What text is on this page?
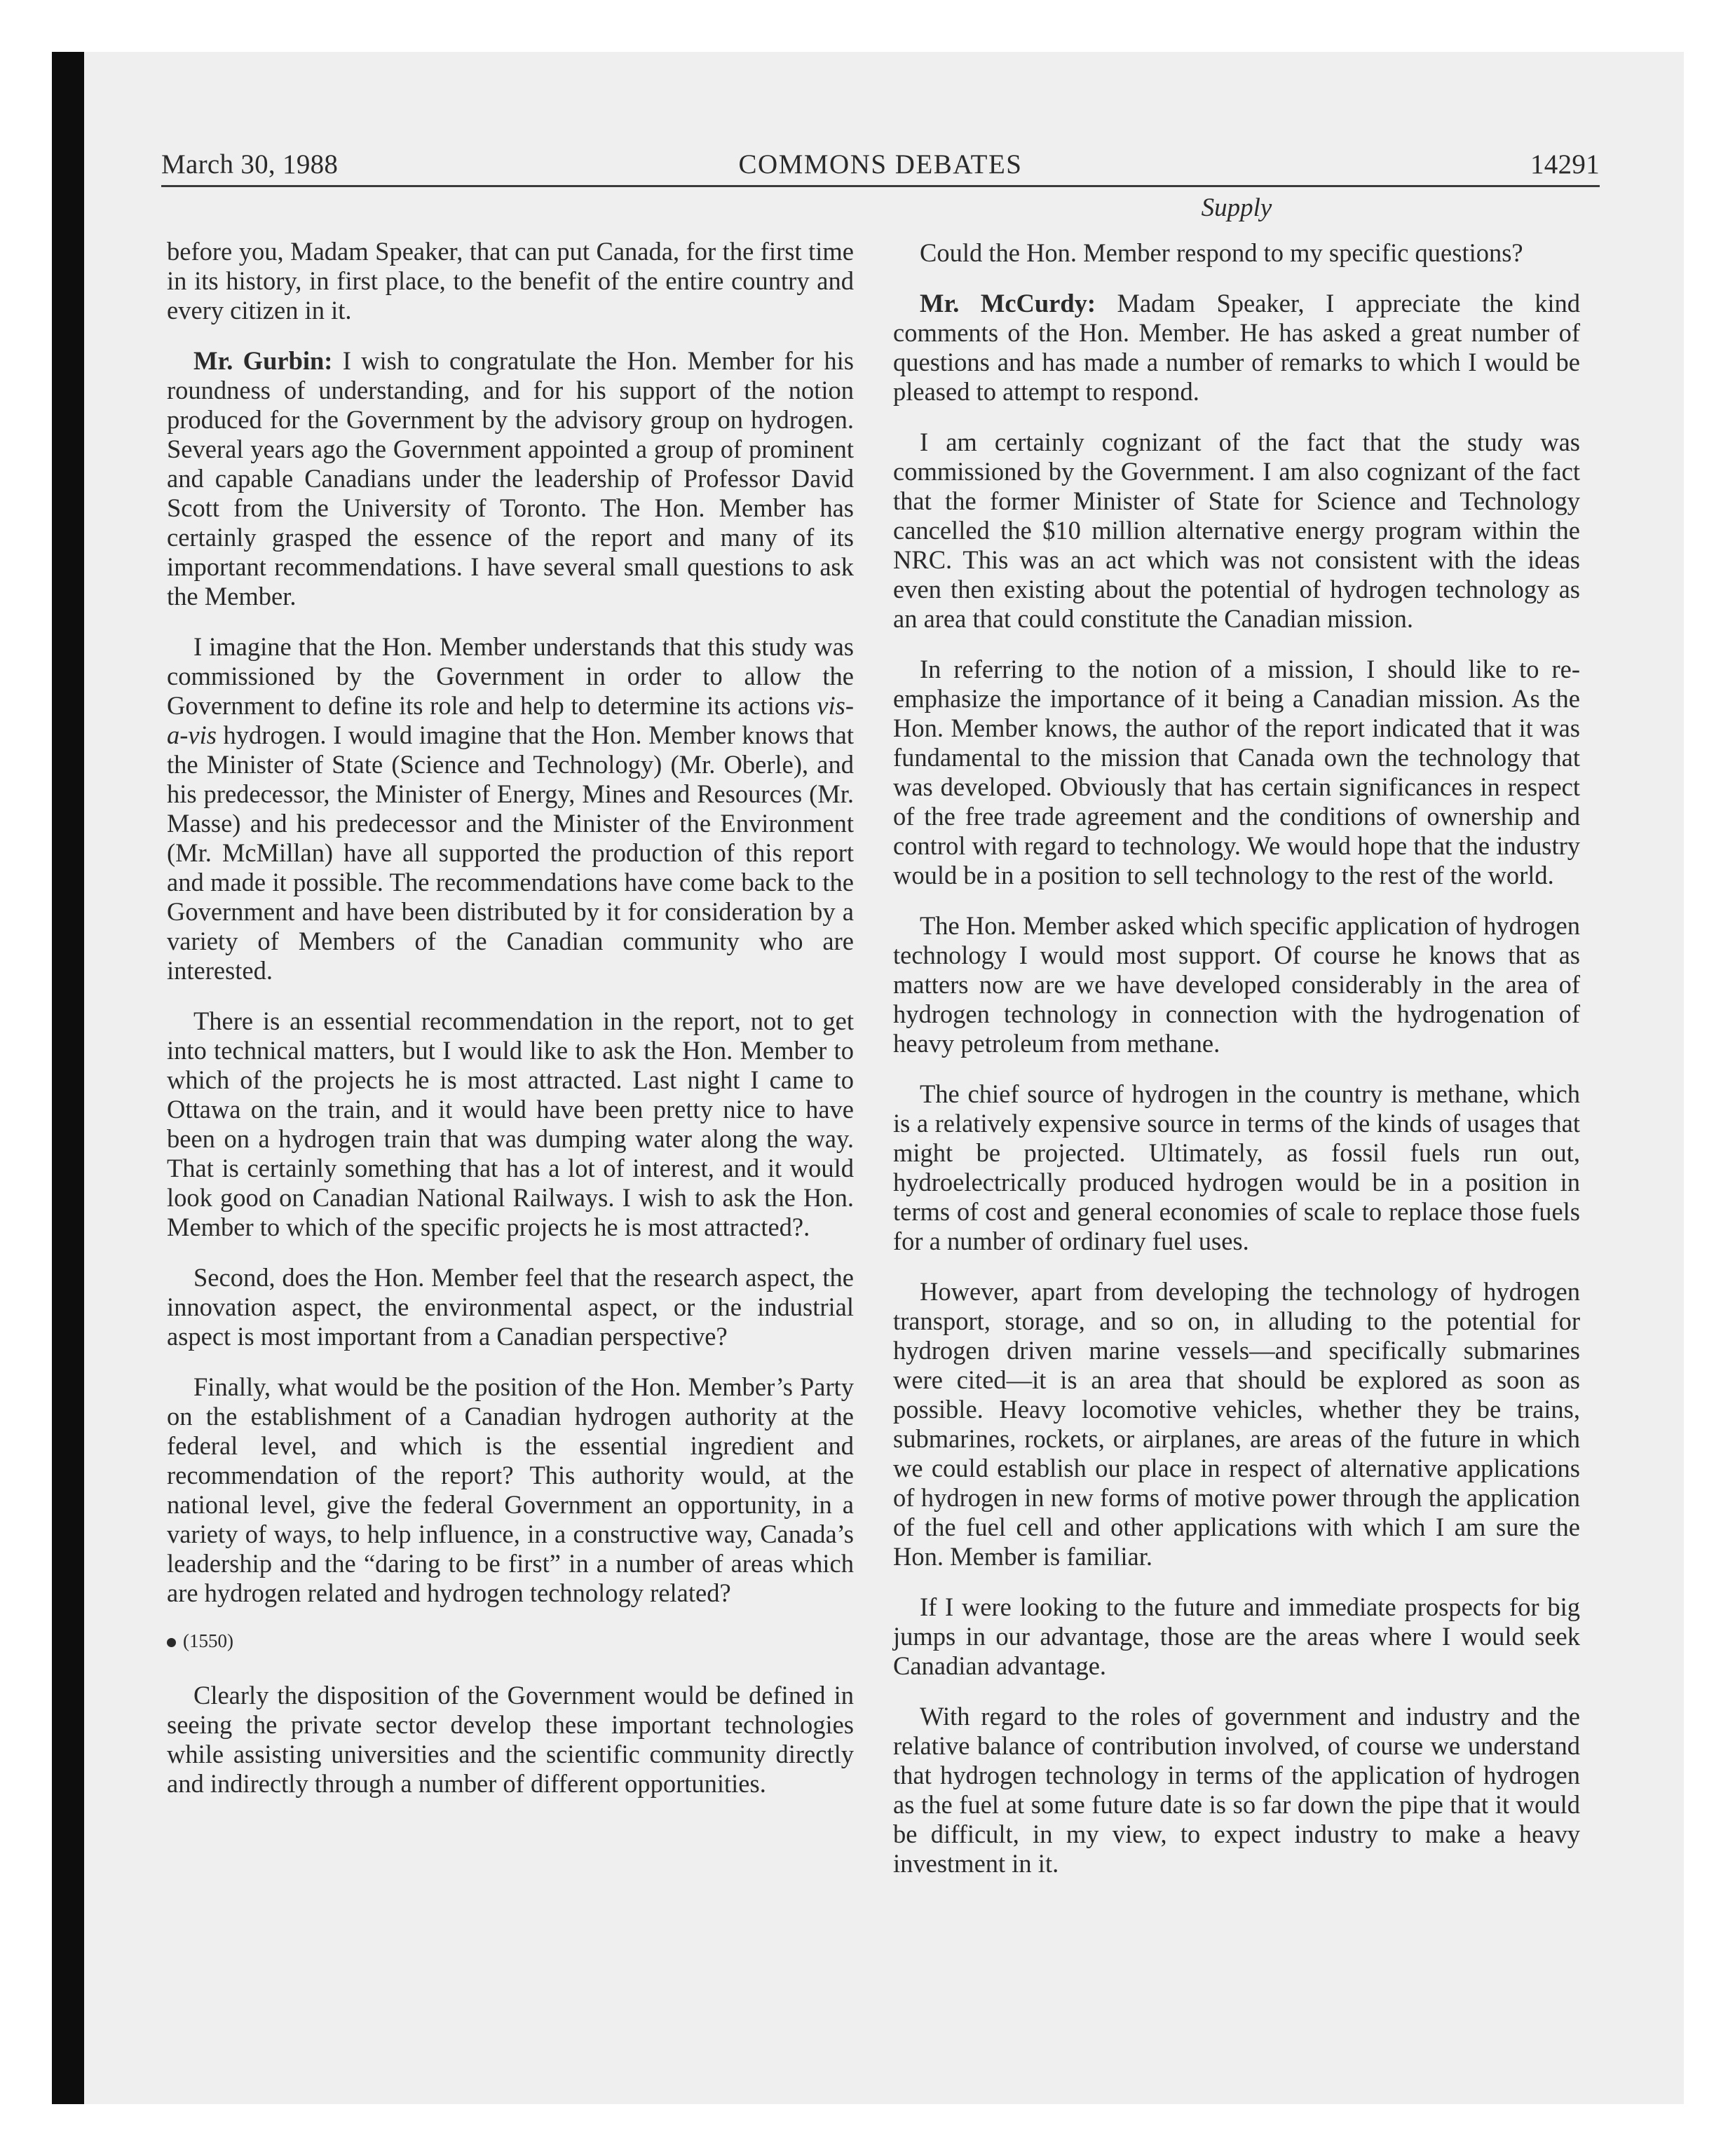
March 30, 1988	COMMONS DEBATES	14291

before you, Madam Speaker, that can put Canada, for the first time in its history, in first place, to the benefit of the entire country and every citizen in it.

Mr. Gurbin: I wish to congratulate the Hon. Member for his roundness of understanding, and for his support of the notion produced for the Government by the advisory group on hydrogen. Several years ago the Government appointed a group of prominent and capable Canadians under the leadership of Professor David Scott from the University of Toronto. The Hon. Member has certainly grasped the essence of the report and many of its important recommendations. I have several small questions to ask the Member.

I imagine that the Hon. Member understands that this study was commissioned by the Government in order to allow the Government to define its role and help to determine its actions vis-a-vis hydrogen. I would imagine that the Hon. Member knows that the Minister of State (Science and Technology) (Mr. Oberle), and his predecessor, the Minister of Energy, Mines and Resources (Mr. Masse) and his predecessor and the Minister of the Environment (Mr. McMillan) have all supported the production of this report and made it possible. The recommendations have come back to the Government and have been distributed by it for consideration by a variety of Members of the Canadian community who are interested.

There is an essential recommendation in the report, not to get into technical matters, but I would like to ask the Hon. Member to which of the projects he is most attracted. Last night I came to Ottawa on the train, and it would have been pretty nice to have been on a hydrogen train that was dumping water along the way. That is certainly something that has a lot of interest, and it would look good on Canadian National Railways. I wish to ask the Hon. Member to which of the specific projects he is most attracted?.

Second, does the Hon. Member feel that the research aspect, the innovation aspect, the environmental aspect, or the industrial aspect is most important from a Canadian perspective?

Finally, what would be the position of the Hon. Member’s Party on the establishment of a Canadian hydrogen authority at the federal level, and which is the essential ingredient and recommendation of the report? This authority would, at the national level, give the federal Government an opportunity, in a variety of ways, to help influence, in a constructive way, Canada’s leadership and the “daring to be first” in a number of areas which are hydrogen related and hydrogen technology related?

(1550)

Clearly the disposition of the Government would be defined in seeing the private sector develop these important technologies while assisting universities and the scientific community directly and indirectly through a number of different opportunities.

Supply

Could the Hon. Member respond to my specific questions?

Mr. McCurdy: Madam Speaker, I appreciate the kind comments of the Hon. Member. He has asked a great number of questions and has made a number of remarks to which I would be pleased to attempt to respond.

I am certainly cognizant of the fact that the study was commissioned by the Government. I am also cognizant of the fact that the former Minister of State for Science and Technology cancelled the $10 million alternative energy program within the NRC. This was an act which was not consistent with the ideas even then existing about the potential of hydrogen technology as an area that could constitute the Canadian mission.

In referring to the notion of a mission, I should like to re-emphasize the importance of it being a Canadian mission. As the Hon. Member knows, the author of the report indicated that it was fundamental to the mission that Canada own the technology that was developed. Obviously that has certain significances in respect of the free trade agreement and the conditions of ownership and control with regard to technology. We would hope that the industry would be in a position to sell technology to the rest of the world.

The Hon. Member asked which specific application of hydrogen technology I would most support. Of course he knows that as matters now are we have developed considerably in the area of hydrogen technology in connection with the hydrogenation of heavy petroleum from methane.

The chief source of hydrogen in the country is methane, which is a relatively expensive source in terms of the kinds of usages that might be projected. Ultimately, as fossil fuels run out, hydroelectrically produced hydrogen would be in a position in terms of cost and general economies of scale to replace those fuels for a number of ordinary fuel uses.

However, apart from developing the technology of hydrogen transport, storage, and so on, in alluding to the potential for hydrogen driven marine vessels—and specifically submarines were cited—it is an area that should be explored as soon as possible. Heavy locomotive vehicles, whether they be trains, submarines, rockets, or airplanes, are areas of the future in which we could establish our place in respect of alternative applications of hydrogen in new forms of motive power through the application of the fuel cell and other applications with which I am sure the Hon. Member is familiar.

If I were looking to the future and immediate prospects for big jumps in our advantage, those are the areas where I would seek Canadian advantage.

With regard to the roles of government and industry and the relative balance of contribution involved, of course we understand that hydrogen technology in terms of the application of hydrogen as the fuel at some future date is so far down the pipe that it would be difficult, in my view, to expect industry to make a heavy investment in it.
